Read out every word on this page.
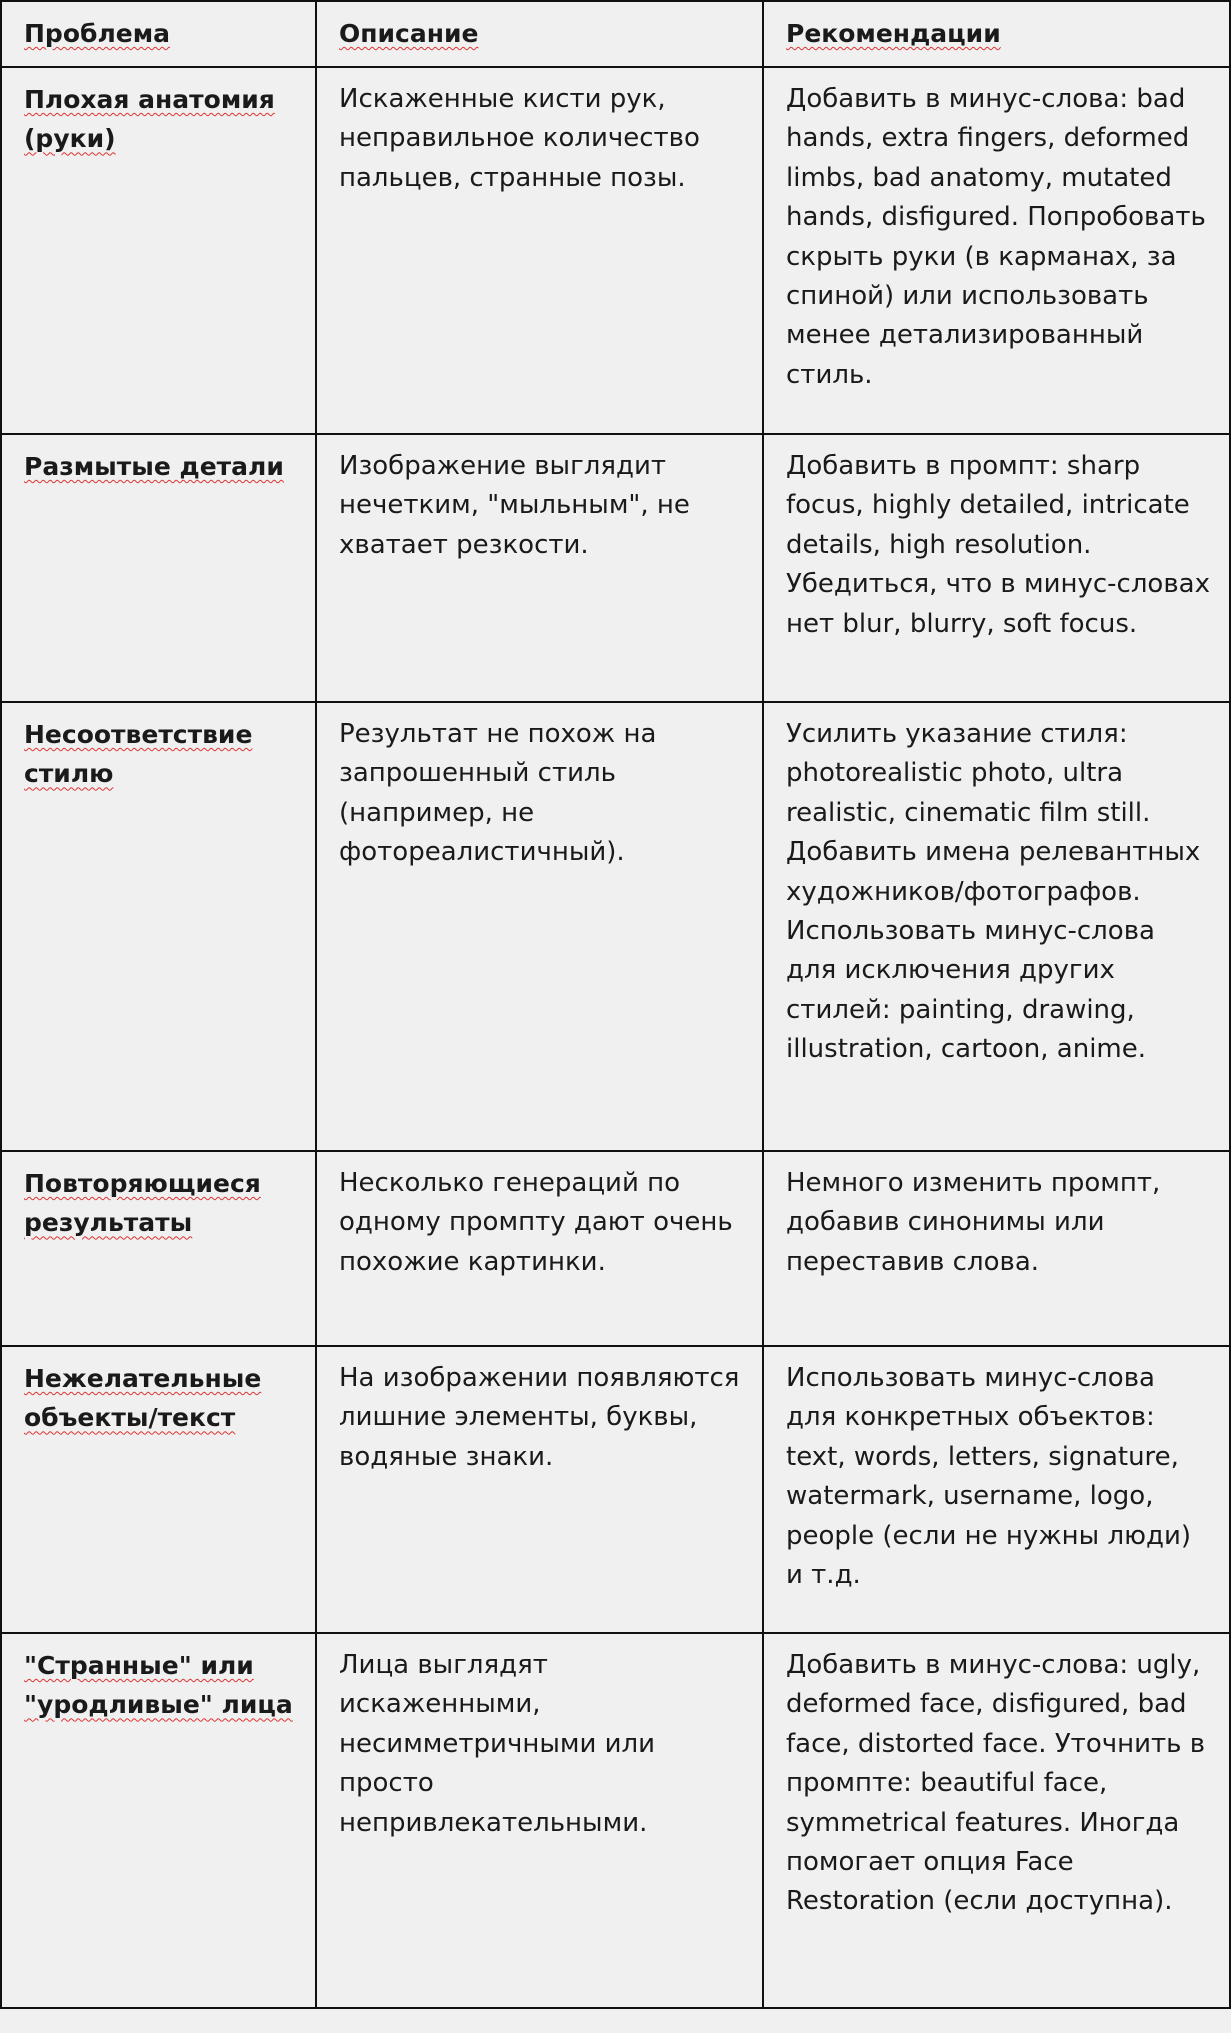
Проблема	Описание	Рекомендации
Плохая анатомия (руки)	Искаженные кисти рук, неправильное количество пальцев, странные позы.	Добавить в минус-слова: bad hands, extra fingers, deformed limbs, bad anatomy, mutated hands, disfigured. Попробовать скрыть руки (в карманах, за спиной) или использовать менее детализированный стиль.
Размытые детали	Изображение выглядит нечетким, "мыльным", не хватает резкости.	Добавить в промпт: sharp focus, highly detailed, intricate details, high resolution. Убедиться, что в минус-словах нет blur, blurry, soft focus.
Несоответствие стилю	Результат не похож на запрошенный стиль (например, не фотореалистичный).	Усилить указание стиля: photorealistic photo, ultra realistic, cinematic film still. Добавить имена релевантных художников/фотографов. Использовать минус-слова для исключения других стилей: painting, drawing, illustration, cartoon, anime.
Повторяющиеся результаты	Несколько генераций по одному промпту дают очень похожие картинки.	Немного изменить промпт, добавив синонимы или переставив слова.
Нежелательные объекты/текст	На изображении появляются лишние элементы, буквы, водяные знаки.	Использовать минус-слова для конкретных объектов: text, words, letters, signature, watermark, username, logo, people (если не нужны люди) и т.д.
"Странные" или "уродливые" лица	Лица выглядят искаженными, несимметричными или просто непривлекательными.	Добавить в минус-слова: ugly, deformed face, disfigured, bad face, distorted face. Уточнить в промпте: beautiful face, symmetrical features. Иногда помогает опция Face Restoration (если доступна).
